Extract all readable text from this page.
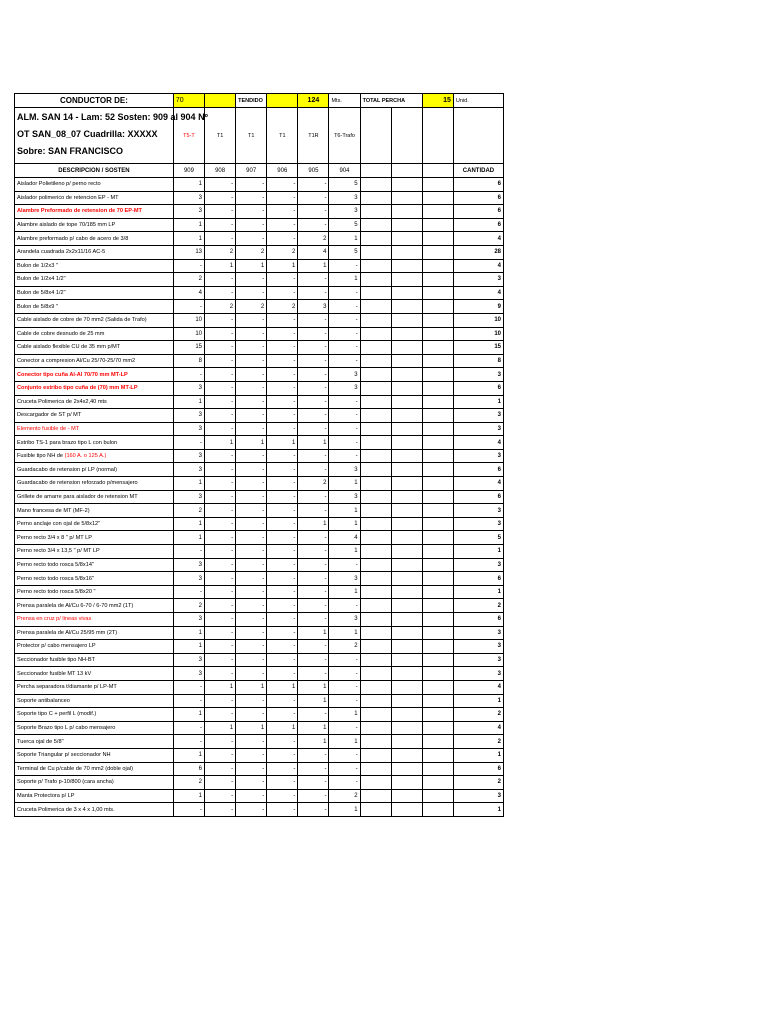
CONDUCTOR DE:	70		TENDIDO		124	Mts.	TOTAL PERCHA		15	Unid.

ALM. SAN 14 - Lam: 52 Sosten: 909 al 904 Nº
OT SAN_08_07 Cuadrilla: XXXXX
Sobre: SAN FRANCISCO	T5-T	T1	T1	T1	T1R	T6-Trafo				
DESCRIPCION / SOSTEN	909	908	907	906	905	904				CANTIDAD
Aislador Polietileno p/ perno recto	1	-	-	-	-	5				6
Aislador polimerico de retencion EP - MT	3	-	-	-	-	3				6
Alambre Preformado de retension de 70 EP-MT	3	-	-	-	-	3				6
Alambre aislado de tope 70/185 mm LP	1	-	-	-	-	5				6
Alambre preformado p/ cabo de acero de 3/8	1	-	-	-	2	1				4
Arandela cuadrada 2x2x11/16 AC-5	13	2	2	2	4	5				28
Bulon de 1/2x3 "	-	1	1	1	1	-				4
Bulon de 1/2x4 1/2"	2	-	-	-	-	1				3
Bulon de 5/8x4 1/2"	4	-	-	-	-	-				4
Bulon de 5/8x9 "	-	2	2	2	3	-				9
Cable aislado de cobre de 70 mm2 (Salida de Trafo)	10	-	-	-	-	-				10
Cable de cobre desnudo de 25 mm	10	-	-	-	-	-				10
Cable aislado flexible CU de 35 mm p/MT	15	-	-	-	-	-				15
Conector a compresion Al/Cu 25/70-25/70 mm2	8	-	-	-	-	-				8
Conector tipo cuña Al-Al 70/70 mm MT-LP	-	-	-	-	-	3				3
Conjunto estribo tipo cuña de (70) mm MT-LP	3	-	-	-	-	3				6
Cruceta Polimerica de 2x4x2,40 mts	1	-	-	-	-	-				1
Descargador de ST p/ MT	3	-	-	-	-	-				3
Elemento fusible de - MT	3	-	-	-	-	-				3
Estribo TS-1 para brazo tipo L con bulon	-	1	1	1	1	-				4
Fusible tipo NH de (160 A. o 125 A.)	3	-	-	-	-	-				3
Guardacabo de retension p/ LP (normal)	3	-	-	-	-	3				6
Guardacabo de retension reforzado p/mensajero	1	-	-	-	2	1				4
Grillete de amarre para aislador de retension MT	3	-	-	-	-	3				6
Mano francesa de MT (MF-2)	2	-	-	-	-	1				3
Perno anclaje con ojal de 5/8x12"	1	-	-	-	1	1				3
Perno recto 3/4 x 8 " p/ MT LP	1	-	-	-	-	4				5
Perno recto 3/4 x 13,5 " p/ MT LP	-	-	-	-	-	1				1
Perno recto todo rosca 5/8x14"	3	-	-	-	-	-				3
Perno recto todo rosca 5/8x16"	3	-	-	-	-	3				6
Perno recto todo rosca 5/8x20 "	-	-	-	-	-	1				1
Prensa paralela de Al/Cu 6-70 / 6-70 mm2 (1T)	2	-	-	-	-	-				2
Prensa en cruz p/ lineas vivas	3	-	-	-	-	3				6
Prensa paralela de Al/Cu 25/95 mm (2T)	1	-	-	-	1	1				3
Protector p/ cabo mensajero LP	1	-	-	-	-	2				3
Seccionador fusible tipo NH-BT	3	-	-	-	-	-				3
Seccionador fusible MT 13 kV	3	-	-	-	-	-				3
Percha separadora t/diamante p/ LP-MT	-	1	1	1	1	-				4
Soporte antibalanceo	-	-	-	-	1	-				1
Soporte tipo C + perfil L (modif.)	1	-	-	-	-	1				2
Soporte Brazo tipo L p/ cabo mensajero	-	1	1	1	1	-				4
Tuerca ojal de 5/8"	-	-	-	-	1	1				2
Soporte Triangular p/ seccionador NH	1	-	-	-	-	-				1
Terminal de Cu p/cable de 70 mm2 (doble ojal)	6	-	-	-	-	-				6
Soporte p/ Trafo p-10/800 (cara ancha)	2	-	-	-	-	-				2
Manta Protectora p/ LP	1	-	-	-	-	2				3
Cruceta Polimerica de 3 x 4 x 1,00 mts.	-	-	-	-	-	1				1
